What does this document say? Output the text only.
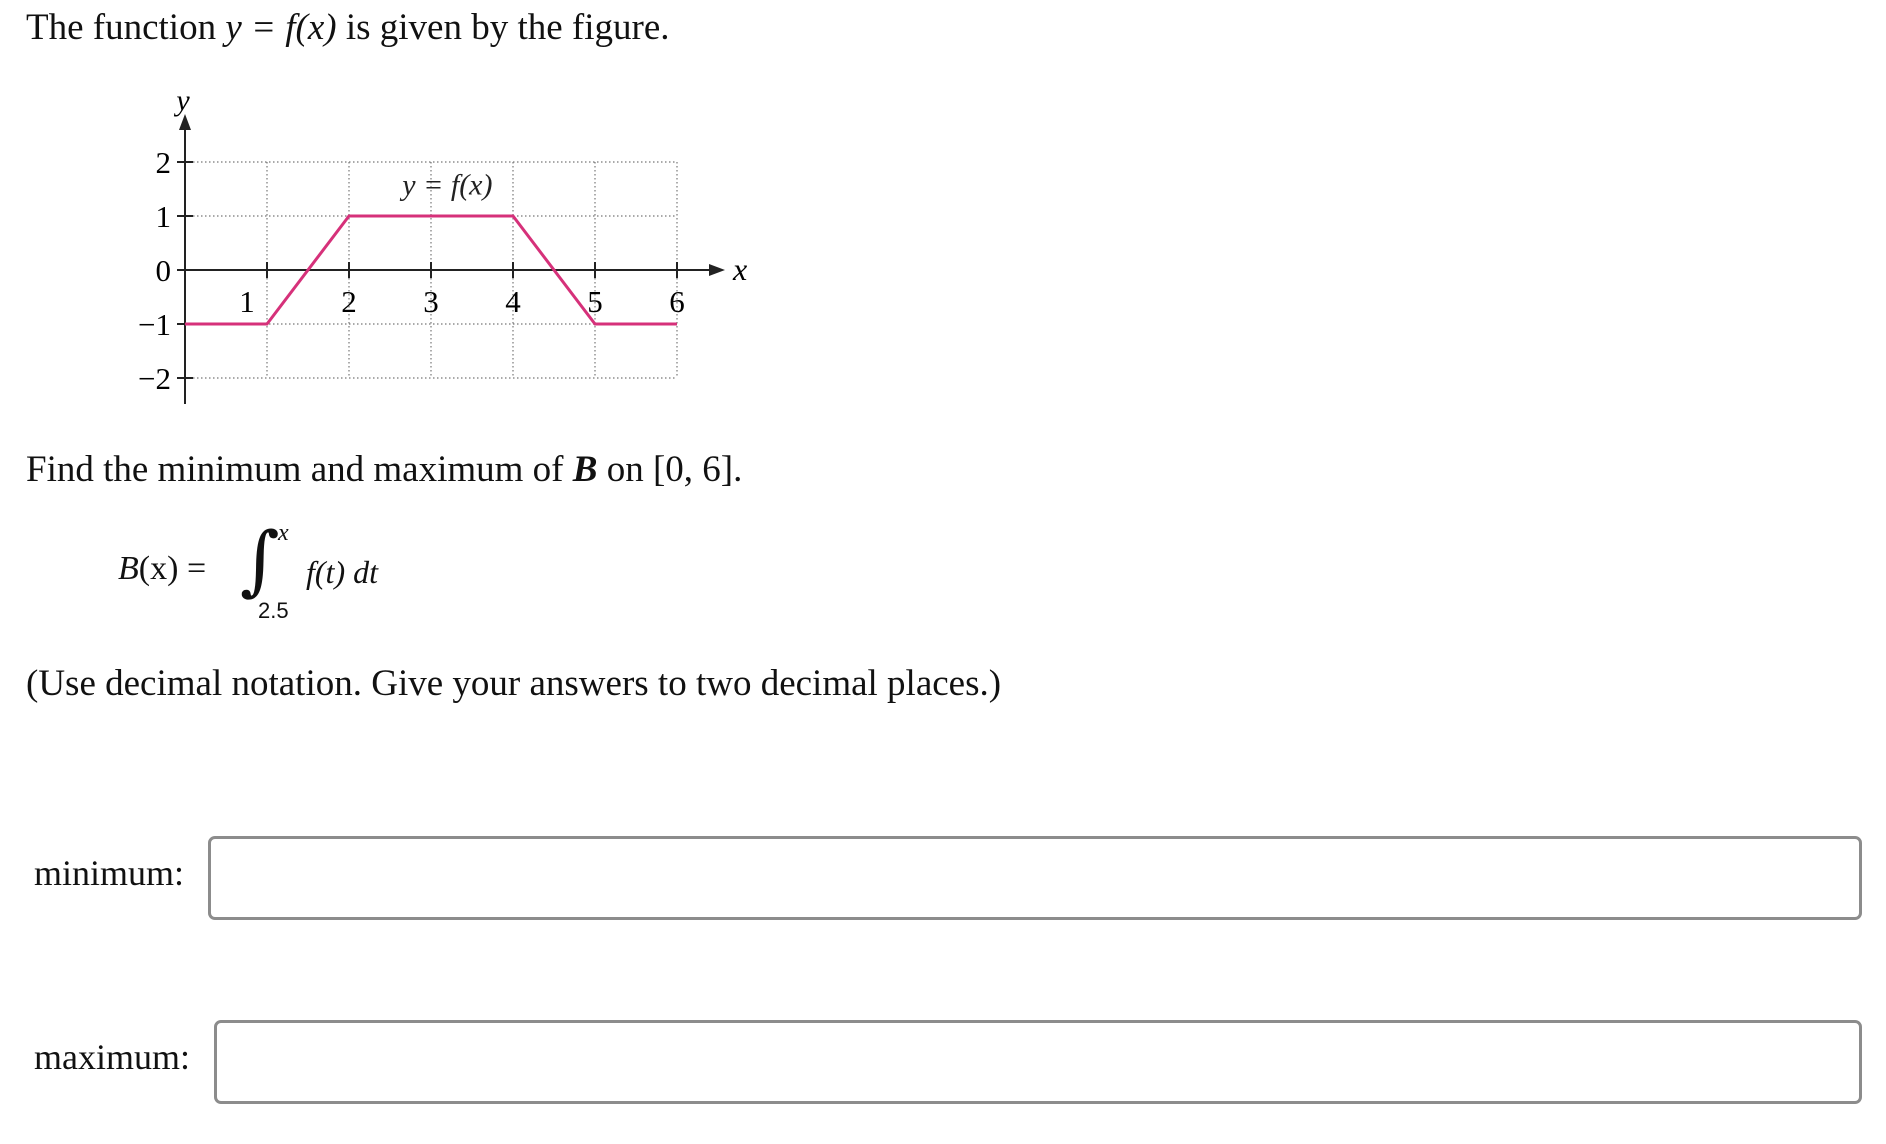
The function y = f(x) is given by the figure.
y
x
2
1
0
−1
−2
1	2 3 4 5 6
y = f(x)
Find the minimum and maximum of B on [0, 6].
B(x) = ∫
x
2.5
f(t) dt
(Use decimal notation. Give your answers to two decimal places.)
minimum:
maximum:
